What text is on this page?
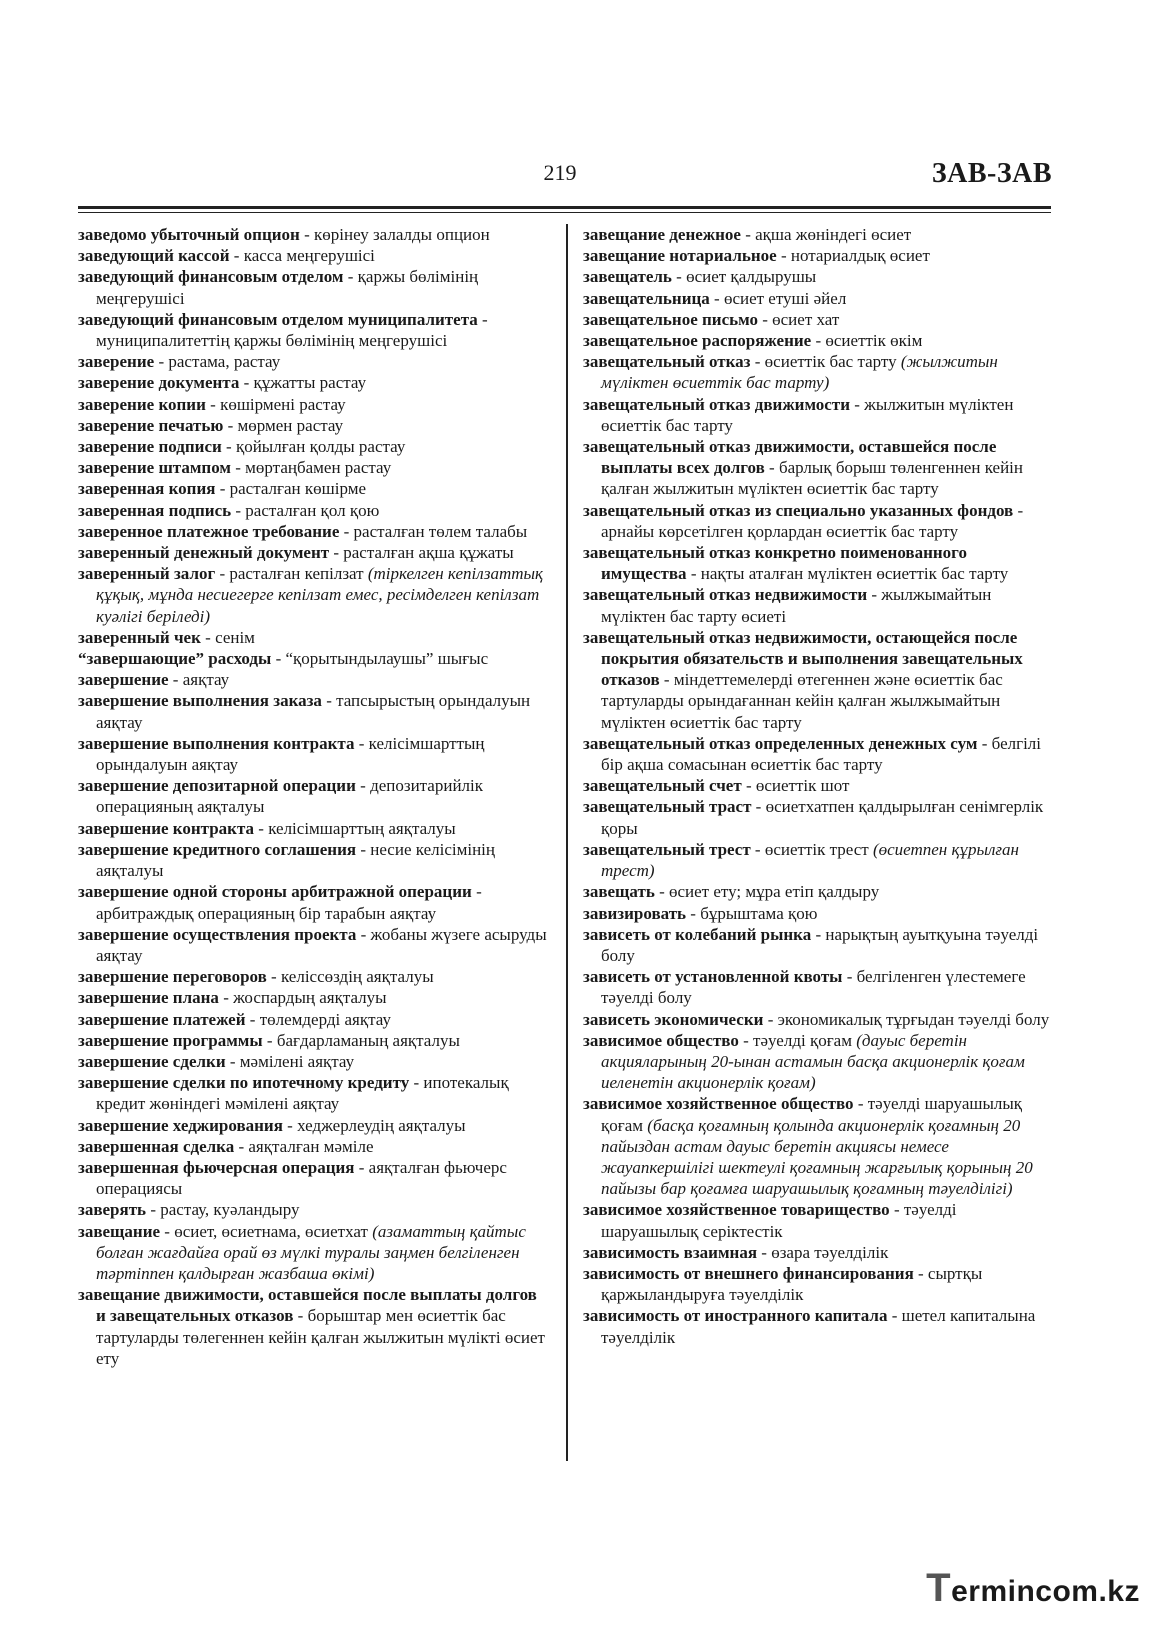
219	ЗАВ-ЗАВ

заведомо убыточный опцион - көрінеу залалды опцион

заведующий кассой - касса меңгерушісі

заведующий финансовым отделом - қаржы бөлімінің меңгерушісі

заведующий финансовым отделом муниципалитета - муниципалитеттің қаржы бөлімінің меңгерушісі

заверение - растама, растау

заверение документа - құжатты растау

заверение копии - көшірмені растау

заверение печатью - мөрмен растау

заверение подписи - қойылған қолды растау

заверение штампом - мөртаңбамен растау

заверенная копия - расталған көшірме

заверенная подпись - расталған қол қою

заверенное платежное требование - расталған төлем талабы

заверенный денежный документ - расталған ақша құжаты

заверенный залог - расталған кепілзат (тіркелген кепілзаттық құқық, мұнда несиегерге кепілзат емес, ресімделген кепілзат куәлігі беріледі)

заверенный чек - сенім

“завершающие” расходы - “қорытындылаушы” шығыс

завершение - аяқтау

завершение выполнения заказа - тапсырыстың орындалуын аяқтау

завершение выполнения контракта - келісімшарттың орындалуын аяқтау

завершение депозитарной операции - депозитарийлік операцияның аяқталуы

завершение контракта - келісімшарттың аяқталуы

завершение кредитного соглашения - несие келісімінің аяқталуы

завершение одной стороны арбитражной операции - арбитраждық операцияның бір тарабын аяқтау

завершение осуществления проекта - жобаны жүзеге асыруды аяқтау

завершение переговоров - келіссөздің аяқталуы

завершение плана - жоспардың аяқталуы

завершение платежей - төлемдерді аяқтау

завершение программы - бағдарламаның аяқталуы

завершение сделки - мәмілені аяқтау

завершение сделки по ипотечному кредиту - ипотекалық кредит жөніндегі мәмілені аяқтау

завершение хеджирования - хеджерлеудің аяқталуы

завершенная сделка - аяқталған мәміле

завершенная фьючерсная операция - аяқталған фьючерс операциясы

заверять - растау, куәландыру

завещание - өсиет, өсиетнама, өсиетхат (азаматтың қайтыс болған жағдайға орай өз мүлкі туралы заңмен белгіленген тәртіппен қалдырған жазбаша өкімі)

завещание движимости, оставшейся после выплаты долгов и завещательных отказов - борыштар мен өсиеттік бас тартуларды төлегеннен кейін қалған жылжитын мүлікті өсиет ету

завещание денежное - ақша жөніндегі өсиет

завещание нотариальное - нотариалдық өсиет

завещатель - өсиет қалдырушы

завещательница - өсиет етуші әйел

завещательное письмо - өсиет хат

завещательное распоряжение - өсиеттік өкім

завещательный отказ - өсиеттік бас тарту (жылжитын мүліктен өсиеттік бас тарту)

завещательный отказ движимости - жылжитын мүліктен өсиеттік бас тарту

завещательный отказ движимости, оставшейся после выплаты всех долгов - барлық борыш төленгеннен кейін қалған жылжитын мүліктен өсиеттік бас тарту

завещательный отказ из специально указанных фондов - арнайы көрсетілген қорлардан өсиеттік бас тарту

завещательный отказ конкретно поименованного имущества - нақты аталған мүліктен өсиеттік бас тарту

завещательный отказ недвижимости - жылжымайтын мүліктен бас тарту өсиеті

завещательный отказ недвижимости, остающейся после покрытия обязательств и выполнения завещательных отказов - міндеттемелерді өтегеннен және өсиеттік бас тартуларды орындағаннан кейін қалған жылжымайтын мүліктен өсиеттік бас тарту

завещательный отказ определенных денежных сум - белгілі бір ақша сомасынан өсиеттік бас тарту

завещательный счет - өсиеттік шот

завещательный траст - өсиетхатпен қалдырылған сенімгерлік қоры

завещательный трест - өсиеттік трест (өсиетпен құрылған трест)

завещать - өсиет ету; мұра етіп қалдыру

завизировать - бұрыштама қою

зависеть от колебаний рынка - нарықтың ауытқуына тәуелді болу

зависеть от установленной квоты - белгіленген үлестемеге тәуелді болу

зависеть экономически - экономикалық тұрғыдан тәуелді болу

зависимое общество - тәуелді қоғам (дауыс беретін акцияларының 20-ынан астамын басқа акционерлік қоғам иеленетін акционерлік қоғам)

зависимое хозяйственное общество - тәуелді шаруашылық қоғам (басқа қоғамның қолында акционерлік қоғамның 20 пайыздан астам дауыс беретін акциясы немесе жауапкершілігі шектеулі қоғамның жарғылық қорының 20 пайызы бар қоғамға шаруашылық қоғамның тәуелділігі)

зависимое хозяйственное товарищество - тәуелді шаруашылық серіктестік

зависимость взаимная - өзара тәуелділік

зависимость от внешнего финансирования - сыртқы қаржыландыруға тәуелділік

зависимость от иностранного капитала - шетел капиталына тәуелділік

Termincom.kz
